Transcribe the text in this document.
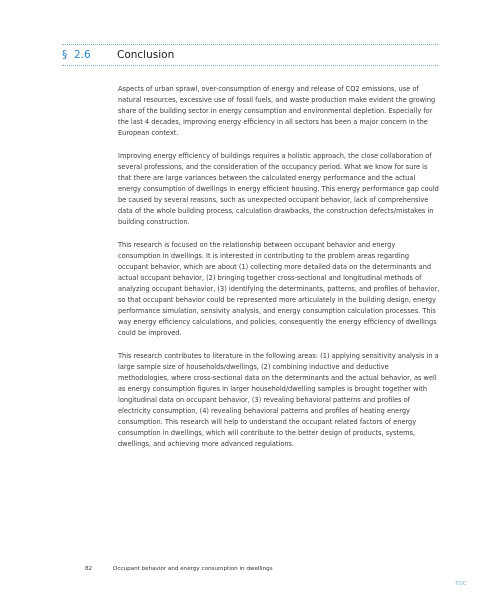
§ 2.6	Conclusion

Aspects of urban sprawl, over-consumption of energy and release of CO2 emissions, use of natural resources, excessive use of fossil fuels, and waste production make evident the growing share of the building sector in energy consumption and environmental depletion. Especially for the last 4 decades, improving energy efficiency in all sectors has been a major concern in the European context.

Improving energy efficiency of buildings requires a holistic approach, the close collaboration of several professions, and the consideration of the occupancy period. What we know for sure is that there are large variances between the calculated energy performance and the actual energy consumption of dwellings in energy efficient housing. This energy performance gap could be caused by several reasons, such as unexpected occupant behavior, lack of comprehensive data of the whole building process, calculation drawbacks, the construction defects/mistakes in building construction.

This research is focused on the relationship between occupant behavior and energy consumption in dwellings. It is interested in contributing to the problem areas regarding occupant behavior, which are about (1) collecting more detailed data on the determinants and actual occupant behavior, (2) bringing together cross-sectional and longitudinal methods of analyzing occupant behavior, (3) identifying the determinants, patterns, and profiles of behavior, so that occupant behavior could be represented more articulately in the building design, energy performance simulation, sensivity analysis, and energy consumption calculation processes. This way energy efficiency calculations, and policies, consequently the energy efficiency of dwellings could be improved.

This research contributes to literature in the following areas: (1) applying sensitivity analysis in a large sample size of households/dwellings, (2) combining inductive and deductive methodologies, where cross-sectional data on the determinants and the actual behavior, as well as energy consumption figures in larger household/dwelling samples is brought together with longitudinal data on occupant behavior, (3) revealing behavioral patterns and profiles of electricity consumption, (4) revealing behavioral patterns and profiles of heating energy consumption. This research will help to understand the occupant related factors of energy consumption in dwellings, which will contribute to the better design of products, systems, dwellings, and achieving more advanced regulations.

82	Occupant behavior and energy consumption in dwellings
TOC
